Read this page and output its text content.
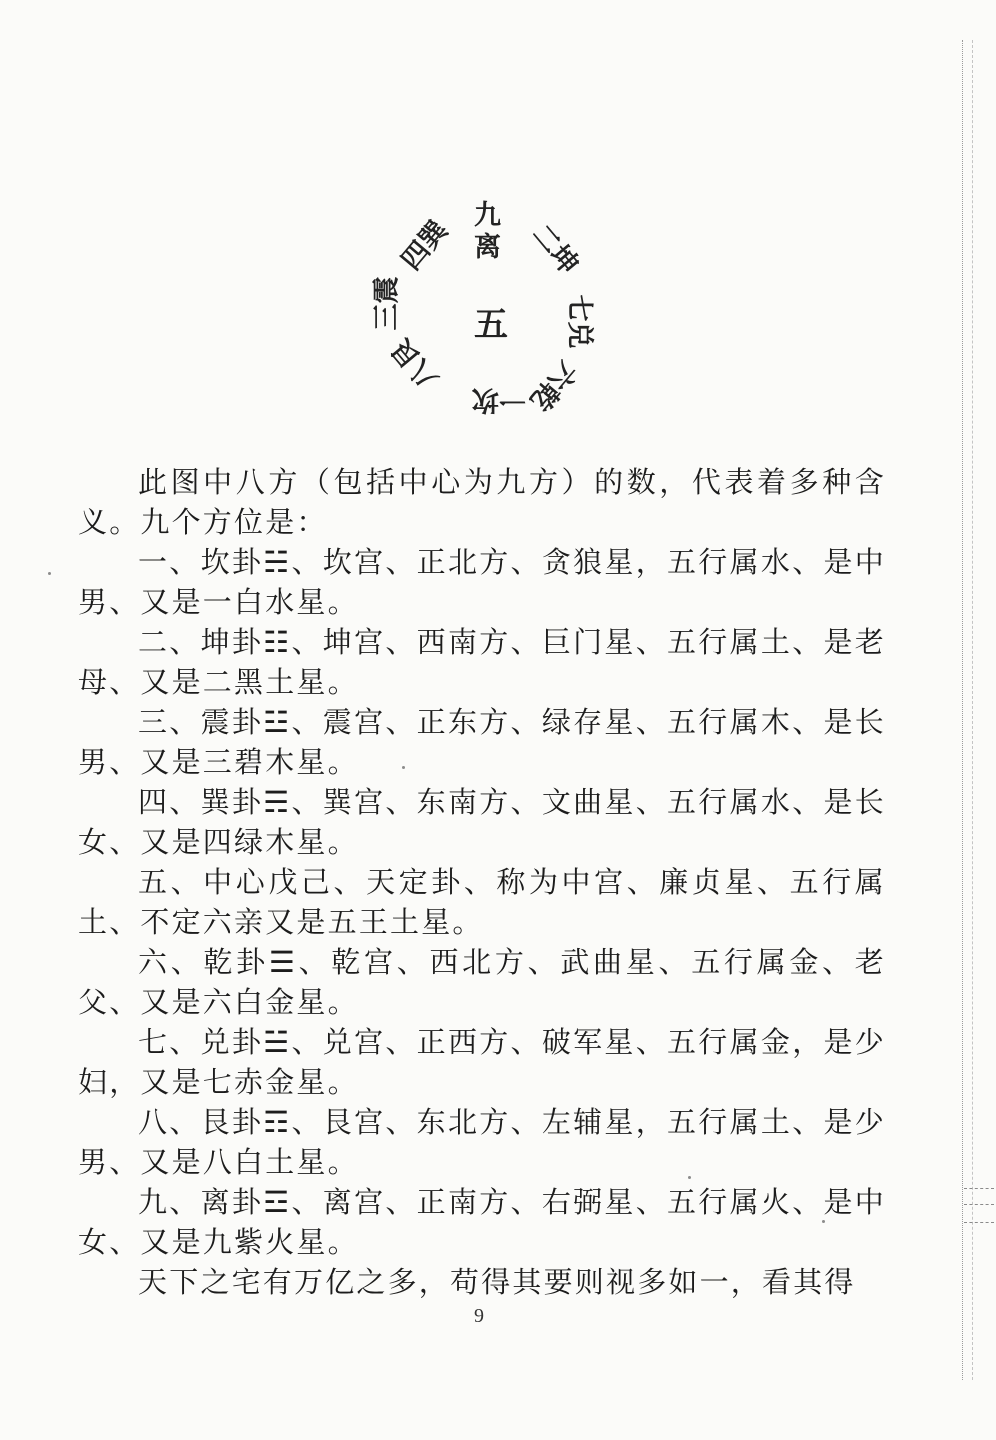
九
离 二坤
七兑
六乾
一坎
八艮
三震
四巽
五

此图中八方（包括中心为九方）的数，代表着多种含义。九个方位是：

一、坎卦☵、坎宫、正北方、贪狼星，五行属水、是中男、又是一白水星。

二、坤卦☷、坤宫、西南方、巨门星、五行属土、是老母、又是二黑土星。

三、震卦☳、震宫、正东方、绿存星、五行属木、是长男、又是三碧木星。

四、巽卦☴、巽宫、东南方、文曲星、五行属水、是长女、又是四绿木星。

五、中心戊己、天定卦、称为中宫、廉贞星、五行属土、不定六亲又是五王土星。

六、乾卦☰、乾宫、西北方、武曲星、五行属金、老父、又是六白金星。

七、兑卦☱、兑宫、正西方、破军星、五行属金，是少妇，又是七赤金星。

八、艮卦☶、艮宫、东北方、左辅星，五行属土、是少男、又是八白土星。

九、离卦☲、离宫、正南方、右弼星、五行属火、是中女、又是九紫火星。

天下之宅有万亿之多，苟得其要则视多如一，看其得

9
